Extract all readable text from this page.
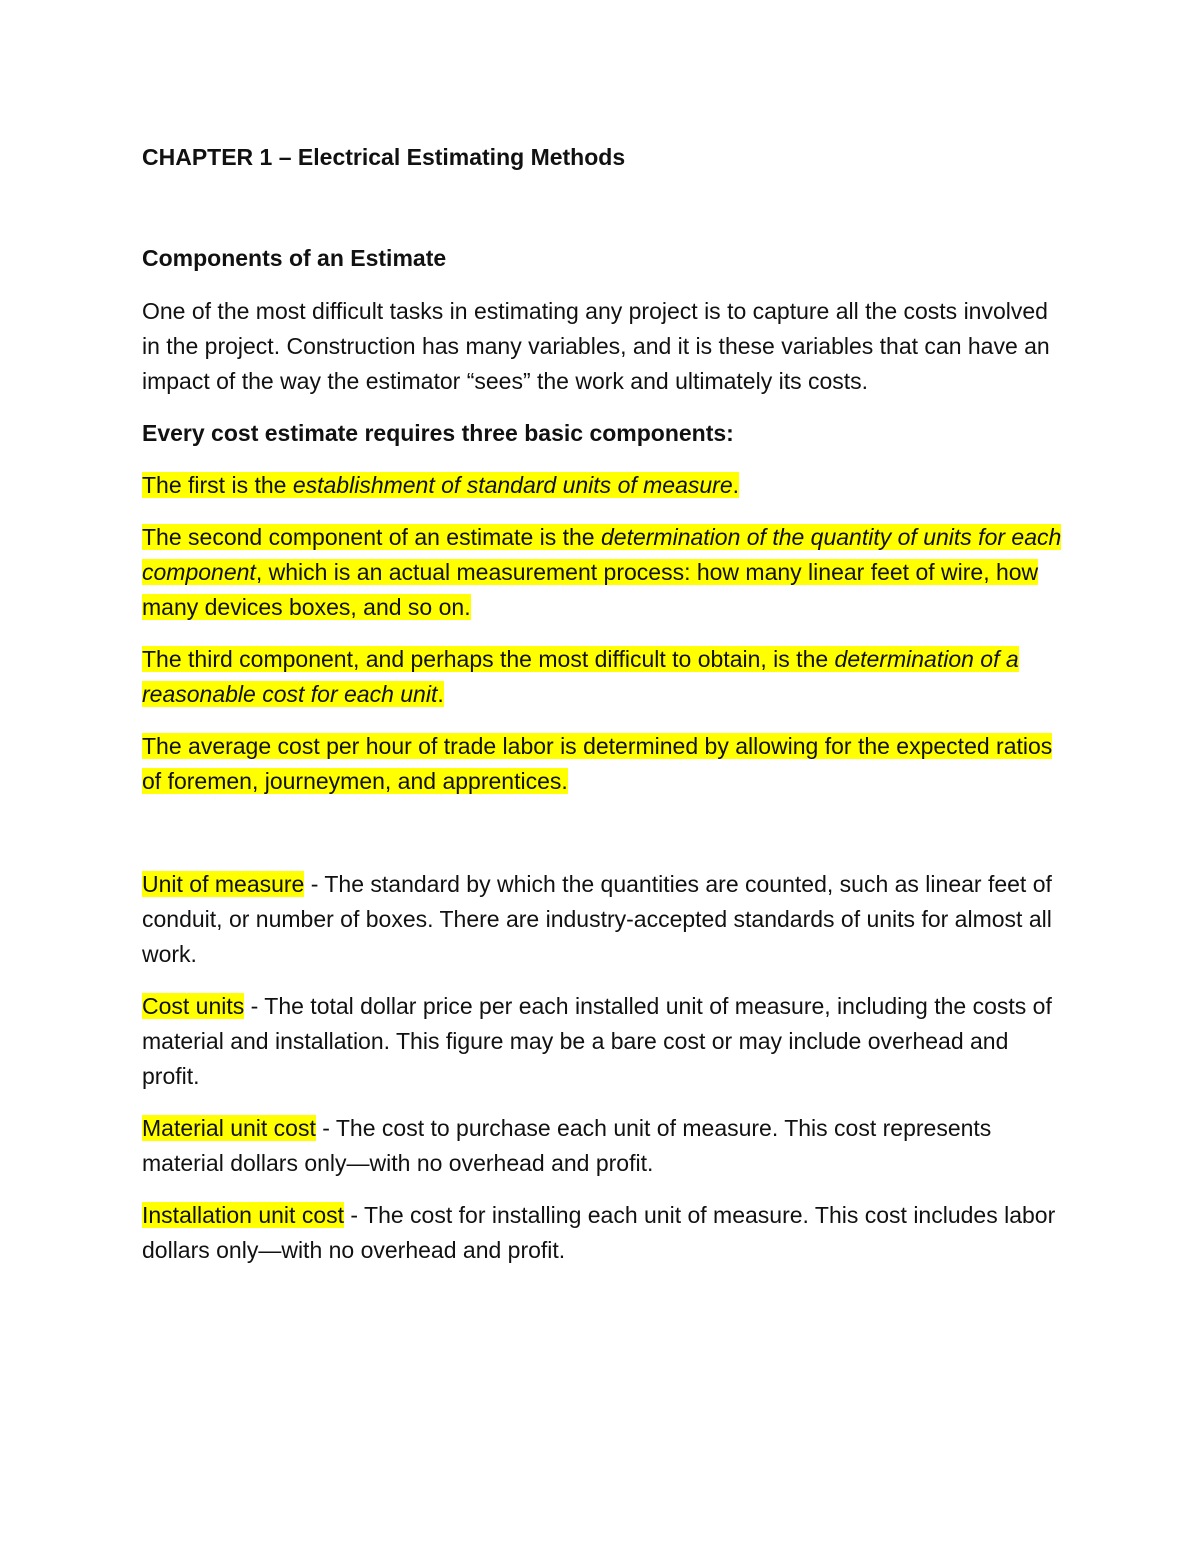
CHAPTER 1 – Electrical Estimating Methods

Components of an Estimate

One of the most difficult tasks in estimating any project is to capture all the costs involved in the project. Construction has many variables, and it is these variables that can have an impact of the way the estimator “sees” the work and ultimately its costs.

Every cost estimate requires three basic components:

The first is the establishment of standard units of measure.

The second component of an estimate is the determination of the quantity of units for each component, which is an actual measurement process: how many linear feet of wire, how many devices boxes, and so on.

The third component, and perhaps the most difficult to obtain, is the determination of a reasonable cost for each unit.

The average cost per hour of trade labor is determined by allowing for the expected ratios of foremen, journeymen, and apprentices.

Unit of measure - The standard by which the quantities are counted, such as linear feet of conduit, or number of boxes. There are industry-accepted standards of units for almost all work.

Cost units - The total dollar price per each installed unit of measure, including the costs of material and installation. This figure may be a bare cost or may include overhead and profit.

Material unit cost - The cost to purchase each unit of measure. This cost represents material dollars only—with no overhead and profit.

Installation unit cost - The cost for installing each unit of measure. This cost includes labor dollars only—with no overhead and profit.
